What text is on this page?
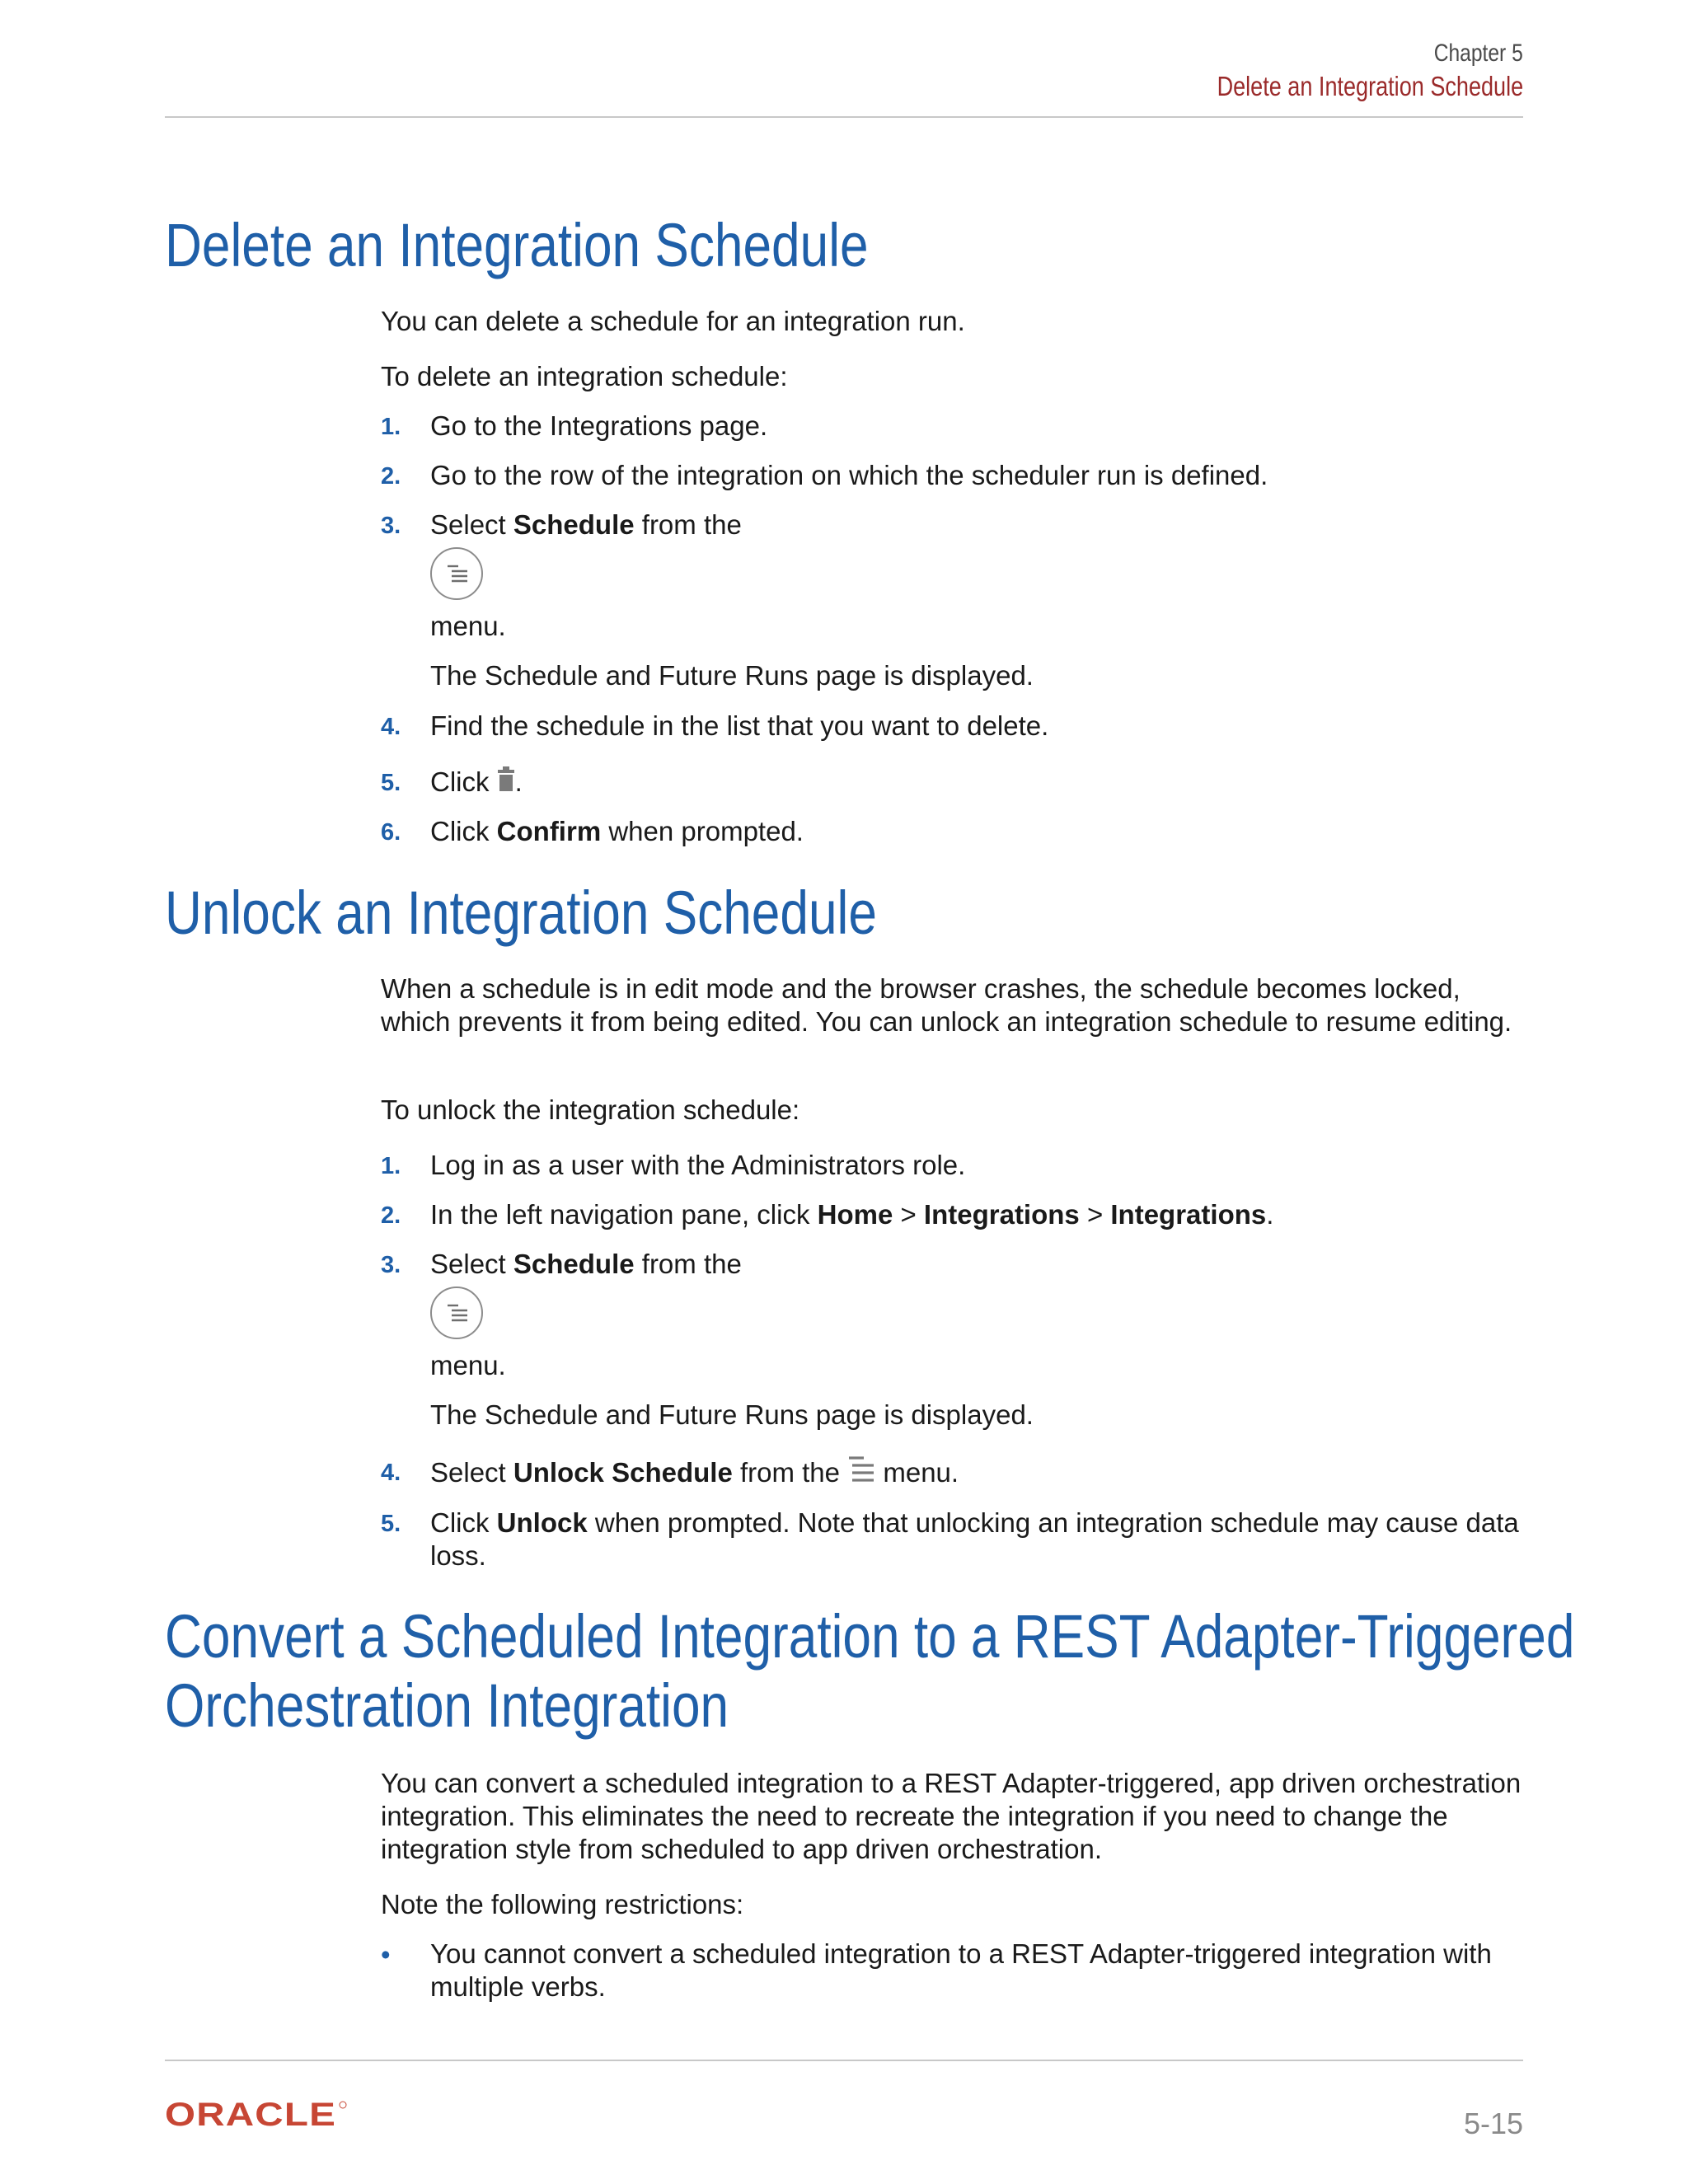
Chapter 5
Delete an Integration Schedule
Delete an Integration Schedule

You can delete a schedule for an integration run.

To delete an integration schedule:

1. Go to the Integrations page.

2. Go to the row of the integration on which the scheduler run is defined.

3. Select Schedule from the

menu.

The Schedule and Future Runs page is displayed.

4. Find the schedule in the list that you want to delete.

5. Click .

6. Click Confirm when prompted.

Unlock an Integration Schedule

When a schedule is in edit mode and the browser crashes, the schedule becomes locked, which prevents it from being edited. You can unlock an integration schedule to resume editing.

To unlock the integration schedule:

1. Log in as a user with the Administrators role.

2. In the left navigation pane, click Home > Integrations > Integrations.

3. Select Schedule from the

menu.

The Schedule and Future Runs page is displayed.

4. Select Unlock Schedule from the  menu.

5. Click Unlock when prompted. Note that unlocking an integration schedule may cause data loss.

Convert a Scheduled Integration to a REST Adapter-Triggered
Orchestration Integration

You can convert a scheduled integration to a REST Adapter-triggered, app driven orchestration integration. This eliminates the need to recreate the integration if you need to change the integration style from scheduled to app driven orchestration.

Note the following restrictions:

• You cannot convert a scheduled integration to a REST Adapter-triggered integration with multiple verbs.

ORACLE	5-15
